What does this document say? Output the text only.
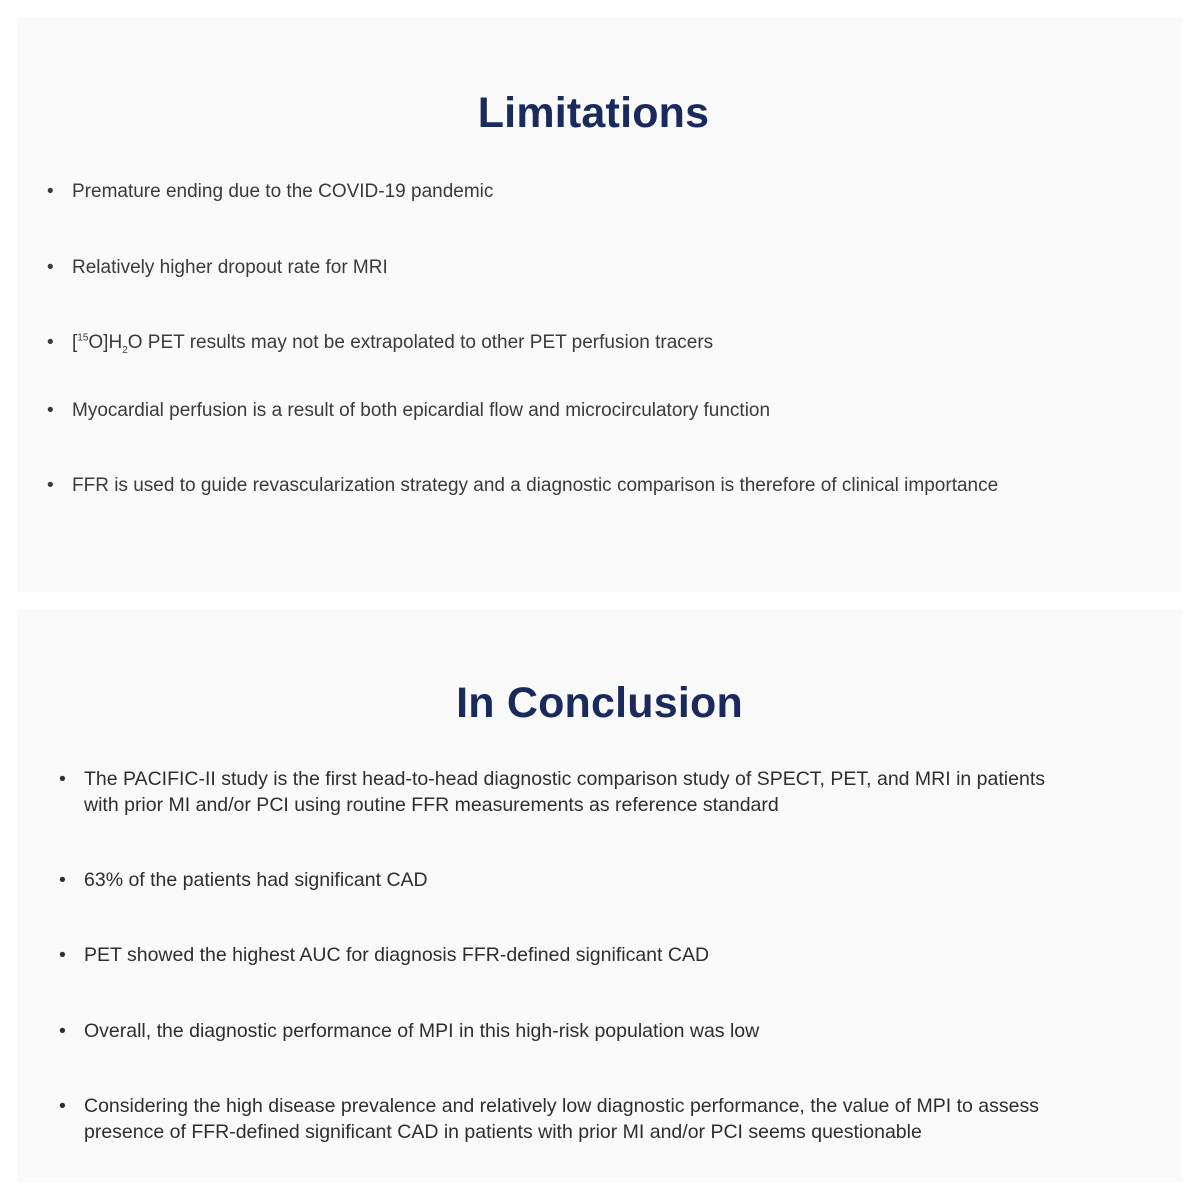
Limitations
• Premature ending due to the COVID-19 pandemic
• Relatively higher dropout rate for MRI
• $[^{15}O]H_2O$ PET results may not be extrapolated to other PET perfusion tracers
• Myocardial perfusion is a result of both epicardial flow and microcirculatory function
• FFR is used to guide revascularization strategy and a diagnostic comparison is therefore of clinical importance
In Conclusion
• The PACIFIC-II study is the first head-to-head diagnostic comparison study of SPECT, PET, and MRI in patients
with prior MI and/or PCI using routine FFR measurements as reference standard
• 63% of the patients had significant CAD
• PET showed the highest AUC for diagnosis FFR-defined significant CAD
• Overall, the diagnostic performance of MPI in this high-risk population was low
• Considering the high disease prevalence and relatively low diagnostic performance, the value of MPI to assess
presence of FFR-defined significant CAD in patients with prior MI and/or PCI seems questionable
